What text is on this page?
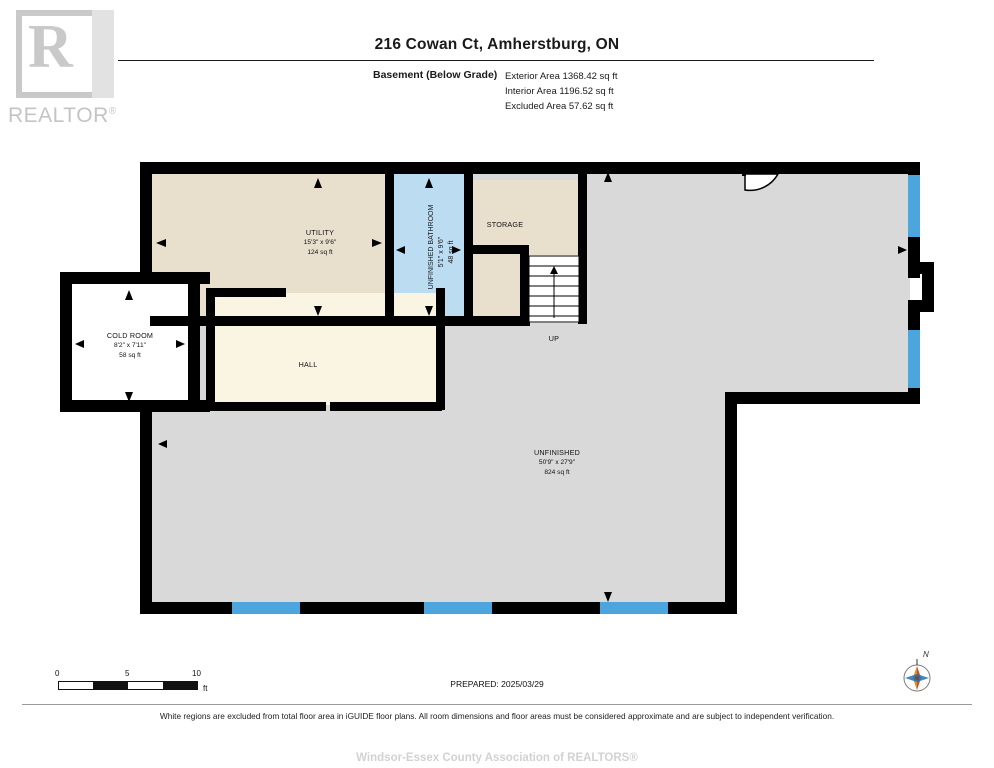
R
REALTOR®
216 Cowan Ct, Amherstburg, ON
Basement (Below Grade) Exterior Area 1368.42 sq ft
Interior Area 1196.52 sq ft
Excluded Area 57.62 sq ft
UTILITY
15'3" x 9'6"
124 sq ft	UNFINISHED BATHROOM 5'1" x 9'6" 48 sq ft
STORAGE
COLD ROOM
8'2" x 7'11"
58 sq ft
HALL
UNFINISHED
50'9" x 27'9"
824 sq ft
UP
0	5	10
ft	PREPARED: 2025/03/29
N
White regions are excluded from total floor area in iGUIDE floor plans. All room dimensions and floor areas must be considered approximate and are subject to independent verification.
Windsor-Essex County Association of REALTORS®
